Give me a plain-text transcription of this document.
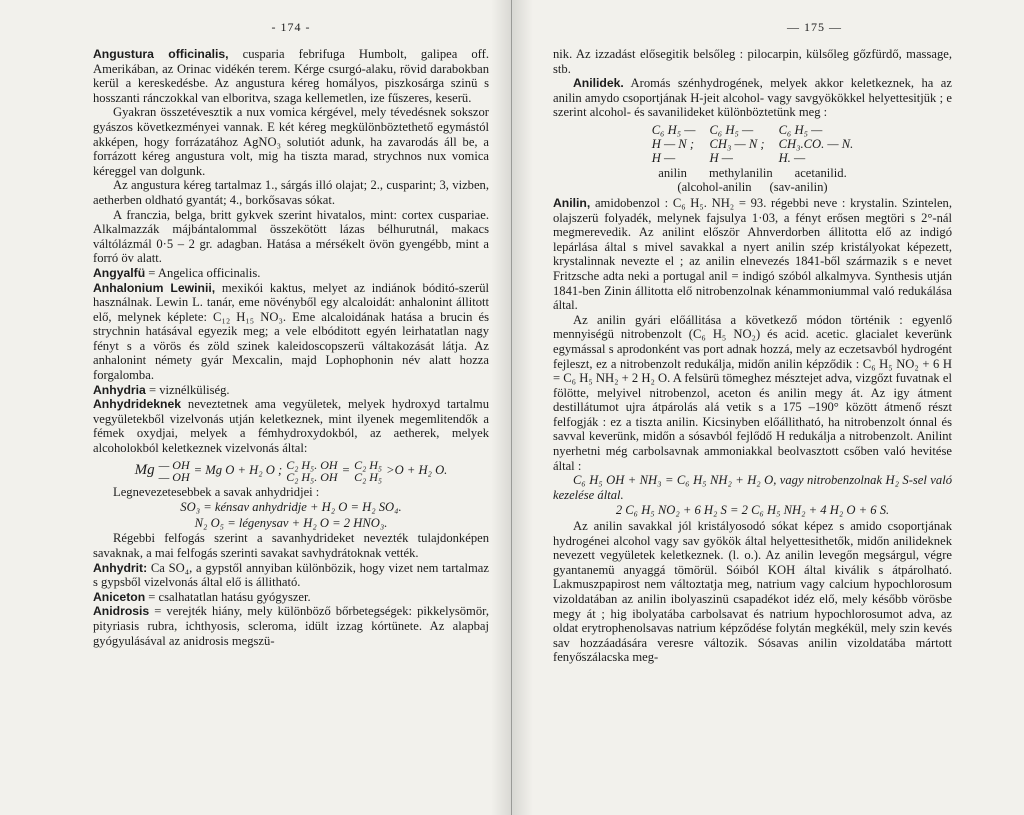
- 174 -

Angustura officinalis, cusparia febrifuga Humbolt, galipea off. Amerikában, az Orinac vidékén terem. Kérge csurgó-alaku, rövid darabokban kerül a kereskedésbe. Az angustura kéreg homályos, piszkosárga szinü s hosszanti ránczokkal van elboritva, szaga kellemetlen, ize fűszeres, keserü.

Gyakran összetévesztik a nux vomica kérgével, mely tévedésnek sokszor gyászos következményei vannak. E két kéreg megkülönböztethető egymástól akképen, hogy forrázatához AgNO₃ solutiót adunk, ha zavarodás áll be, a forrázott kéreg angustura volt, mig ha tiszta marad, strychnos nux vomica kéreggel van dolgunk.

Az angustura kéreg tartalmaz 1., sárgás illó olajat; 2., cusparint; 3, vizben, aetherben oldható gyantát; 4., borkősavas sókat.

A franczia, belga, britt gykvek szerint hivatalos, mint: cortex cuspariae. Alkalmazzák májbántalommal összekötött lázas bélhurutnál, makacs váltólázmál 0·5 – 2 gr. adagban. Hatása a mérsékelt övön gyengébb, mint a forró öv alatt.

Angyalfü = Angelica officinalis.

Anhalonium Lewinii, mexikói kaktus, melyet az indiánok bóditó-szerül használnak. Lewin L. tanár, eme növényből egy alcaloidát: anhalonint állitott elő, melynek képlete: C₁₂ H₁₅ NO₃. Eme alcaloidának hatása a brucin és strychnin hatásával egyezik meg; a vele elbóditott egyén leirhatatlan nagy fényt s a vörös és zöld szinek kaleidoscopszerü váltakozását látja. Az anhalonint némety gyár Mexcalin, majd Lophophonin név alatt hozza forgalomba.

Anhydria = viznélküliség.

Anhydrideknek neveztetnek ama vegyületek, melyek hydroxyd tartalmu vegyületekből vizelvonás utján keletkeznek, mint ilyenek megemlitendők a fémek oxydjai, melyek a fémhydroxydokból, az aetherek, melyek alcoholokból keletkeznek vizelvonás által:

Mg — OH
— OH = Mg O + H₂ O ; C₂ H₅. OH
C₂ H₅. OH = C₂ H₅
C₂ H₅ >O + H₂ O.

Legnevezetesebbek a savak anhydridjei :

SO₃ = kénsav anhydridje + H₂ O = H₂ SO₄.
N₂ O₅ = légenysav + H₂ O = 2 HNO₃.

Régebbi felfogás szerint a savanhydrideket nevezték tulajdonképen savaknak, a mai felfogás szerinti savakat savhydrátoknak vették.

Anhydrit: Ca SO₄, a gypstől annyiban különbözik, hogy vizet nem tartalmaz s gypsből vizelvonás által elő is állitható.

Aniceton = csalhatatlan hatásu gyógyszer.

Anidrosis = verejték hiány, mely különböző bőrbetegségek: pikkelysömör, pityriasis rubra, ichthyosis, scleroma, idült izzag kórtünete. Az alapbaj gyógyulásával az anidrosis megszü-

— 175 —

nik. Az izzadást elősegitik belsőleg : pilocarpin, külsőleg gőzfürdő, massage, stb.

Anilidek. Aromás szénhydrogének, melyek akkor keletkeznek, ha az anilin amydo csoportjának H-jeit alcohol- vagy savgyökökkel helyettesitjük ; e szerint alcohol- és savanilideket különböztetünk meg :

C₆ H₅ —
H — N ;
H —
C₆ H₅ —
CH₃ — N ;
H —
C₆ H₅ —
CH₃.CO. — N.
H. —
anilin methylanilin acetanilid.
(alcohol-anilin (sav-anilin)

Anilin, amidobenzol : C₆ H₅. NH₂ = 93. régebbi neve : krystalin. Szintelen, olajszerü folyadék, melynek fajsulya 1·03, a fényt erősen megtöri s 2°-nál megmerevedik. Az anilint először Ahnverdorben állitotta elő az indigó lepárlása által s mivel savakkal a nyert anilin szép kristályokat képezett, krystalinnak nevezte el ; az anilin elnevezés 1841-ből származik s e nevet Fritzsche adta neki a portugal anil = indigó szóból alkalmyva. Synthesis utján 1841-ben Zinin állitotta elő nitrobenzolnak kénammoniummal való redukálása által.

Az anilin gyári előállitása a következő módon történik : egyenlő mennyiségü nitrobenzolt (C₆ H₅ NO₂) és acid. acetic. glacialet keverünk egymással s aprodonként vas port adnak hozzá, mely az eczetsavból hydrogént fejleszt, ez a nitrobenzolt redukálja, midőn anilin képződik : C₆ H₅ NO₂ + 6 H = C₆ H₅ NH₂ + 2 H₂ O. A felsürü tömeghez mésztejet adva, vizgőzt fuvatnak el fölötte, melyivel nitrobenzol, aceton és anilin megy át. Az igy átment destillátumot ujra átpárolás alá vetik s a 175 –190° között átmenő részt felfogják : ez a tiszta anilin. Kicsinyben előállitható, ha nitrobenzolt ónnal és savval keverünk, midőn a sósavból fejlődő H redukálja a nitrobenzolt. Anilint nyerhetni még carbolsavnak ammoniakkal beolvasztott csőben való hevitése által :

C₆ H₅ OH + NH₃ = C₆ H₅ NH₂ + H₂ O, vagy nitrobenzolnak H₂ S-sel való kezelése által.

2 C₆ H₅ NO₂ + 6 H₂ S = 2 C₆ H₅ NH₂ + 4 H₂ O + 6 S.

Az anilin savakkal jól kristályosodó sókat képez s amido csoportjának hydrogénei alcohol vagy sav gyökök által helyettesithetők, midőn anilideknek nevezett vegyületek keletkeznek. (l. o.). Az anilin levegőn megsárgul, végre gyantanemü anyaggá tömörül. Sóiból KOH által kiválik s átpárolható. Lakmuszpapirost nem változtatja meg, natrium vagy calcium hypochlorosum vizoldatában az anilin ibolyaszinü csapadékot idéz elő, mely később vörösbe megy át ; hig ibolyatába carbolsavat és natrium hypochlorosumot adva, az oldat erytrophenolsavas natrium képződése folytán megkékül, mely szin kevés sav hozzáadására veresre változik. Sósavas anilin vizoldatába mártott fenyőszálacska meg-
